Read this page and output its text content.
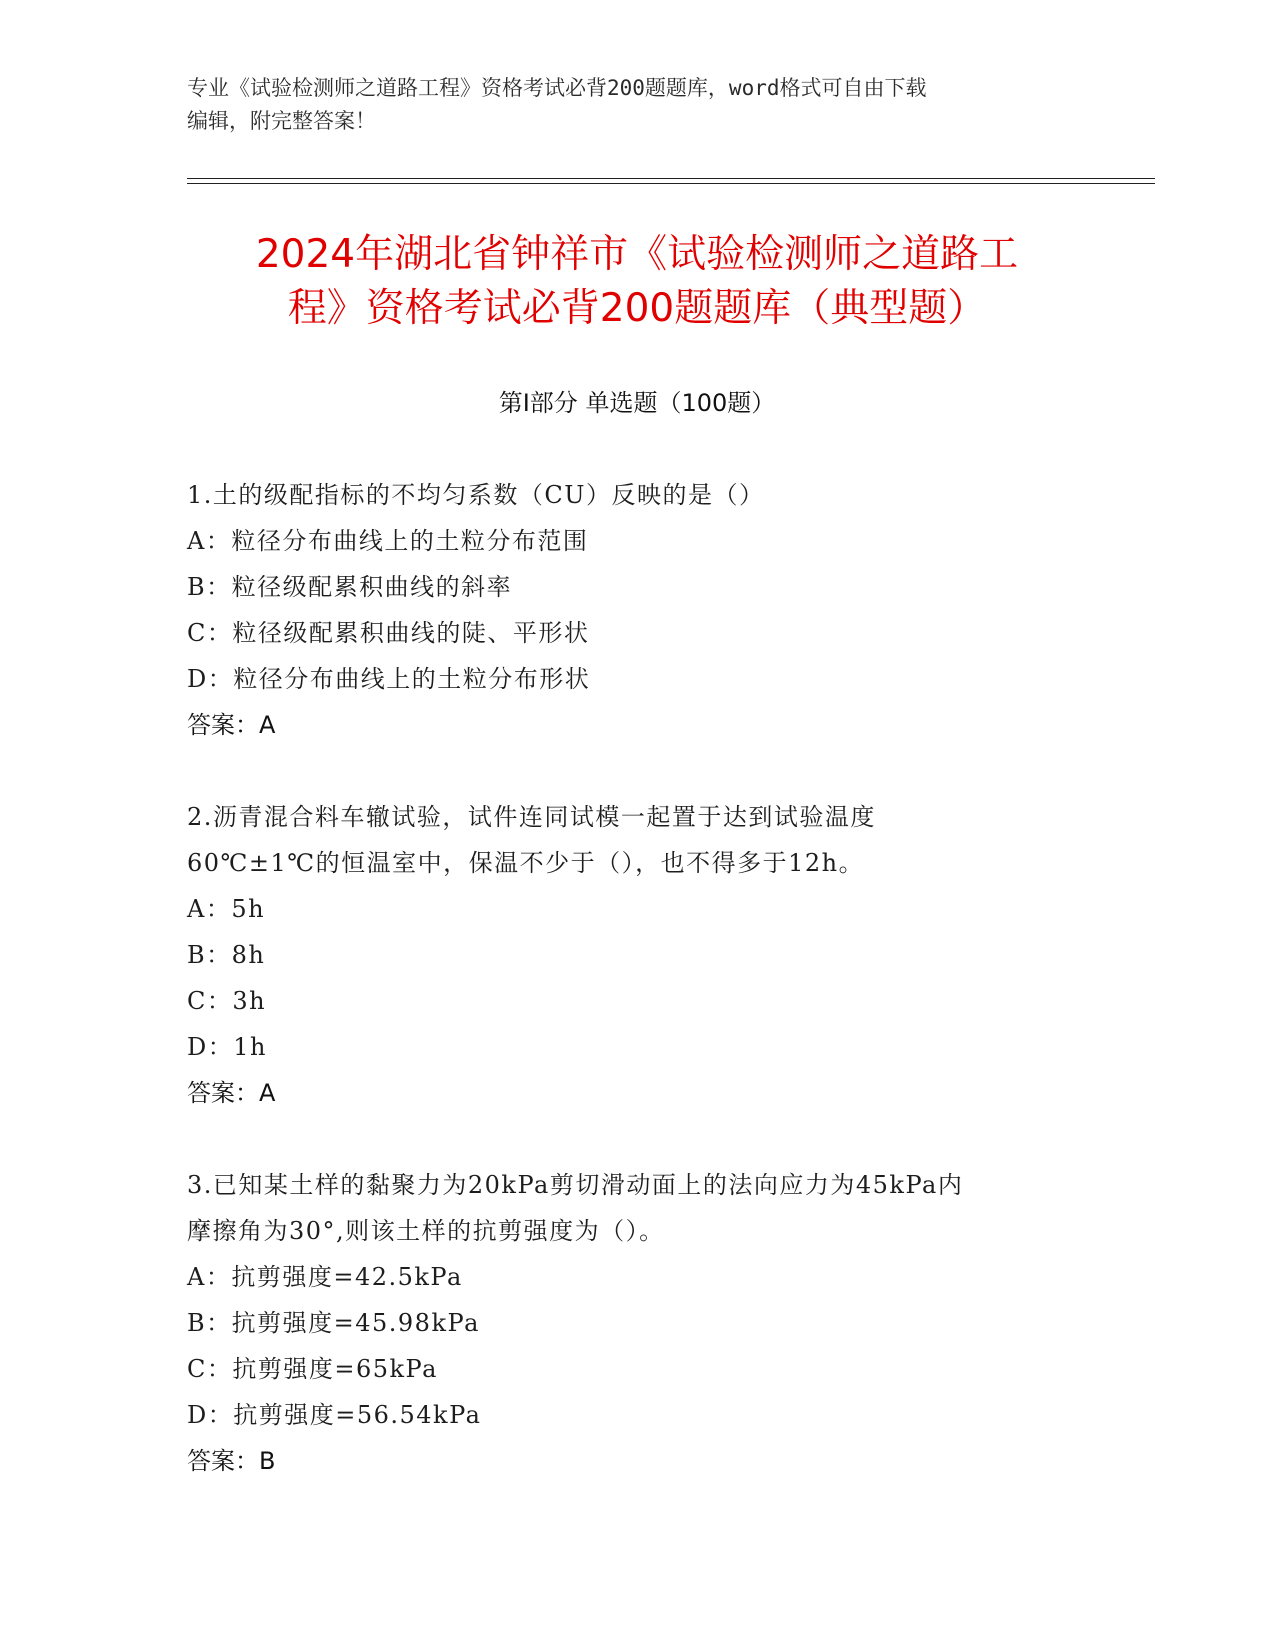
专业《试验检测师之道路工程》资格考试必背200题题库，word格式可自由下载
编辑，附完整答案！
2024年湖北省钟祥市《试验检测师之道路工
程》资格考试必背200题题库（典型题）
第Ⅰ部分 单选题（100题）
1.土的级配指标的不均匀系数（CU）反映的是（）
A：粒径分布曲线上的土粒分布范围
B：粒径级配累积曲线的斜率
C：粒径级配累积曲线的陡、平形状
D：粒径分布曲线上的土粒分布形状
答案：A
2.沥青混合料车辙试验，试件连同试模一起置于达到试验温度
60℃±1℃的恒温室中，保温不少于（），也不得多于12h。
A：5h
B：8h
C：3h
D：1h
答案：A
3.已知某土样的黏聚力为20kPa剪切滑动面上的法向应力为45kPa内
摩擦角为30°,则该土样的抗剪强度为（）。
A：抗剪强度=42.5kPa
B：抗剪强度=45.98kPa
C：抗剪强度=65kPa
D：抗剪强度=56.54kPa
答案：B
